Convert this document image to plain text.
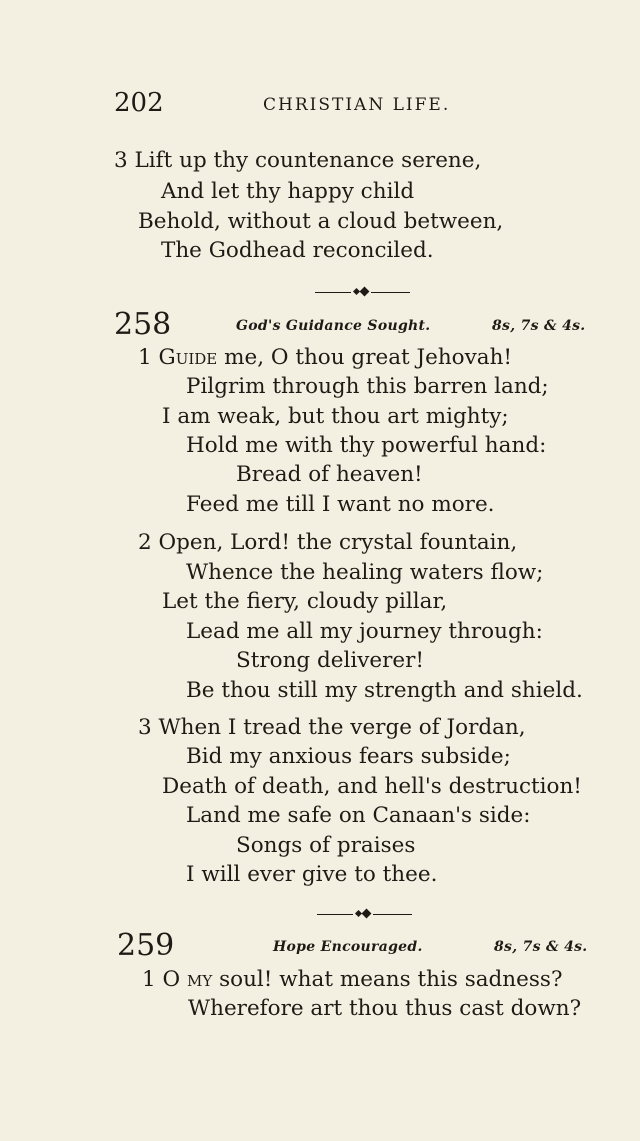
202	CHRISTIAN LIFE.
3 Lift up thy countenance serene,
And let thy happy child
Behold, without a cloud between,
The Godhead reconciled.
258	God's Guidance Sought.	8s, 7s & 4s.
1 Guide me, O thou great Jehovah!
Pilgrim through this barren land;
I am weak, but thou art mighty;
Hold me with thy powerful hand:
Bread of heaven!
Feed me till I want no more.
2 Open, Lord! the crystal fountain,
Whence the healing waters flow;
Let the fiery, cloudy pillar,
Lead me all my journey through:
Strong deliverer!
Be thou still my strength and shield.
3 When I tread the verge of Jordan,
Bid my anxious fears subside;
Death of death, and hell's destruction!
Land me safe on Canaan's side:
Songs of praises
I will ever give to thee.
259	Hope Encouraged.	8s, 7s & 4s.
1 O my soul! what means this sadness?
Wherefore art thou thus cast down?
